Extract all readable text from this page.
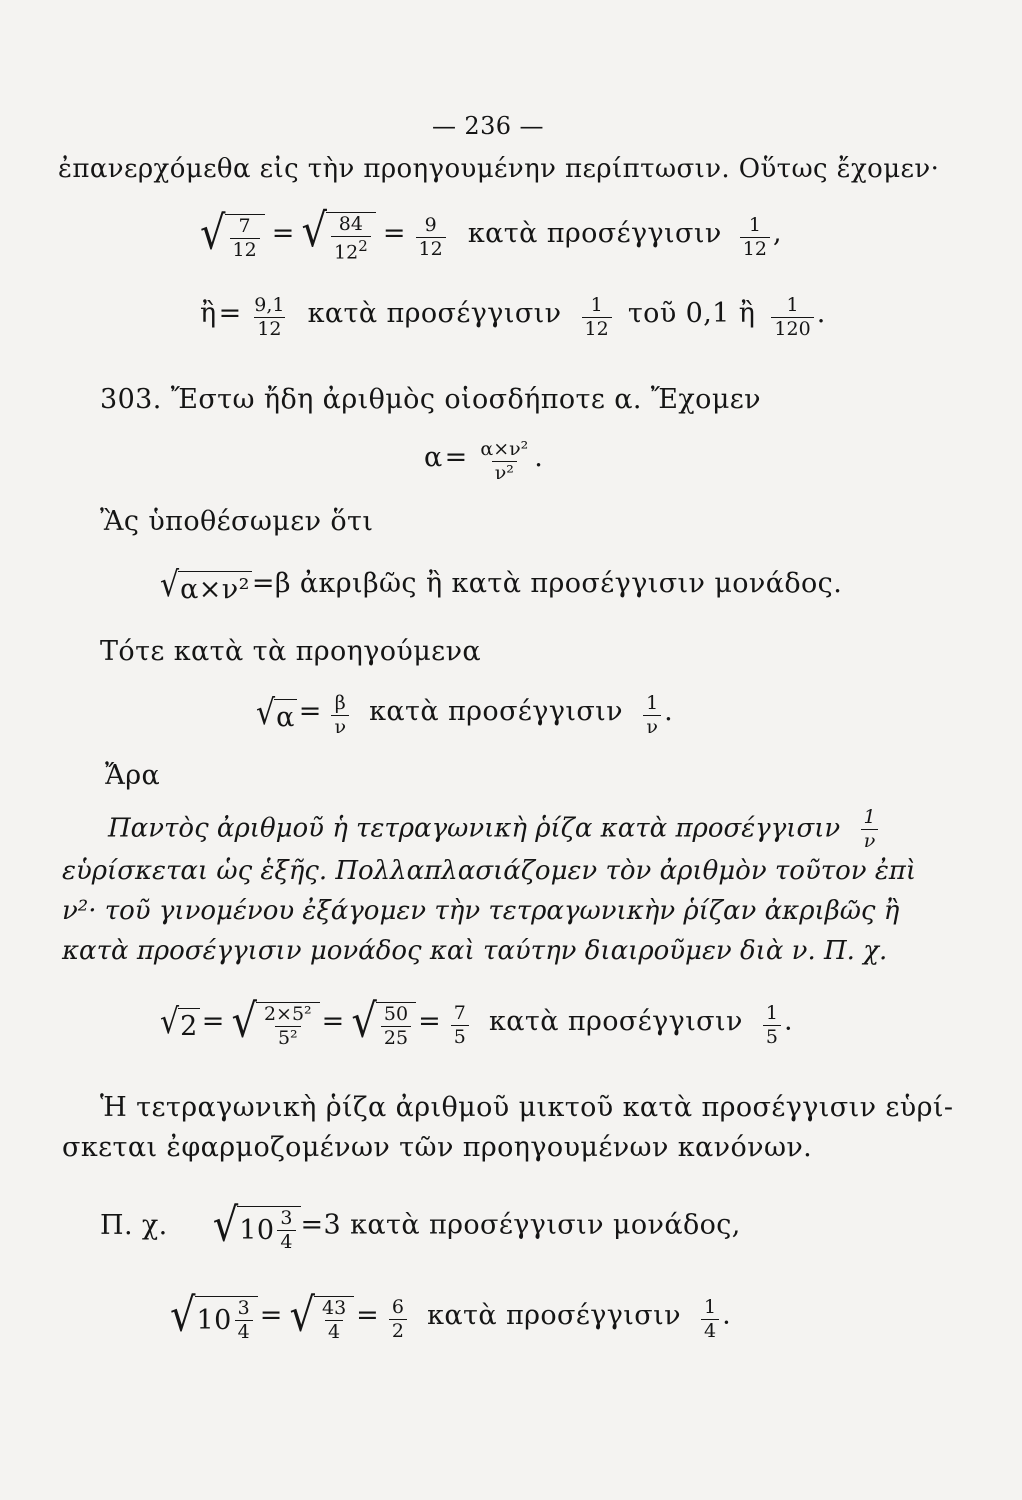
— 236 —
ἐπανερχόμεθα εἰς τὴν προηγουμένην περίπτωσιν. Οὕτως ἔχομεν·
√ $\frac{7}{12}$ = √ $\frac{84}{12^2} = \frac{9}{12}$ κατὰ προσέγγισιν $\frac{1}{12}$ ,
ἢ= $\frac{9,1}{12}$ κατὰ προσέγγισιν $\frac{1}{12}$ τοῦ 0,1 ἢ $\frac{1}{120}$ .
303. Ἔστω ἤδη ἀριθμὸς οἱοσδήποτε α. Ἔχομεν
$\alpha= \frac{\text{α×ν²}}{\text{ν²}}$ .
Ἂς ὑποθέσωμεν ὅτι
√ α×ν² =β ἀκριβῶς ἢ κατὰ προσέγγισιν μονάδος.
Τότε κατὰ τὰ προηγούμενα
√ $\alpha = \frac{\beta}{\nu}$ κατὰ προσέγγισιν $\frac{1}{\nu}$ .
Ἄρα
Παντὸς ἀριθμοῦ ἡ τετραγωνικὴ ῥίζα κατὰ προσέγγισιν $\frac{1}{\nu}$
εὑρίσκεται ὡς ἑξῆς. Πολλαπλασιάζομεν τὸν ἀριθμὸν τοῦτον ἐπὶ
ν²· τοῦ γινομένου ἐξάγομεν τὴν τετραγωνικὴν ῥίζαν ἀκριβῶς ἢ
κατὰ προσέγγισιν μονάδος καὶ ταύτην διαιροῦμεν διὰ ν. Π. χ.
√ 2 = √ $\frac{\text{2×5²}}{\text{5²}}$ = √ $\frac{50}{25} = \frac{7}{5}$ κατὰ προσέγγισιν $\frac{1}{5}$ .
Ἡ τετραγωνικὴ ῥίζα ἀριθμοῦ μικτοῦ κατὰ προσέγγισιν εὑρί-
σκεται ἐφαρμοζομένων τῶν προηγουμένων κανόνων.
Π. χ. √ $10 \frac{3}{4} =3$ κατὰ προσέγγισιν μονάδος,
√ $10 \frac{3}{4}$ = √ $\frac{43}{4} = \frac{6}{2}$ κατὰ προσέγγισιν $\frac{1}{4}$ .
